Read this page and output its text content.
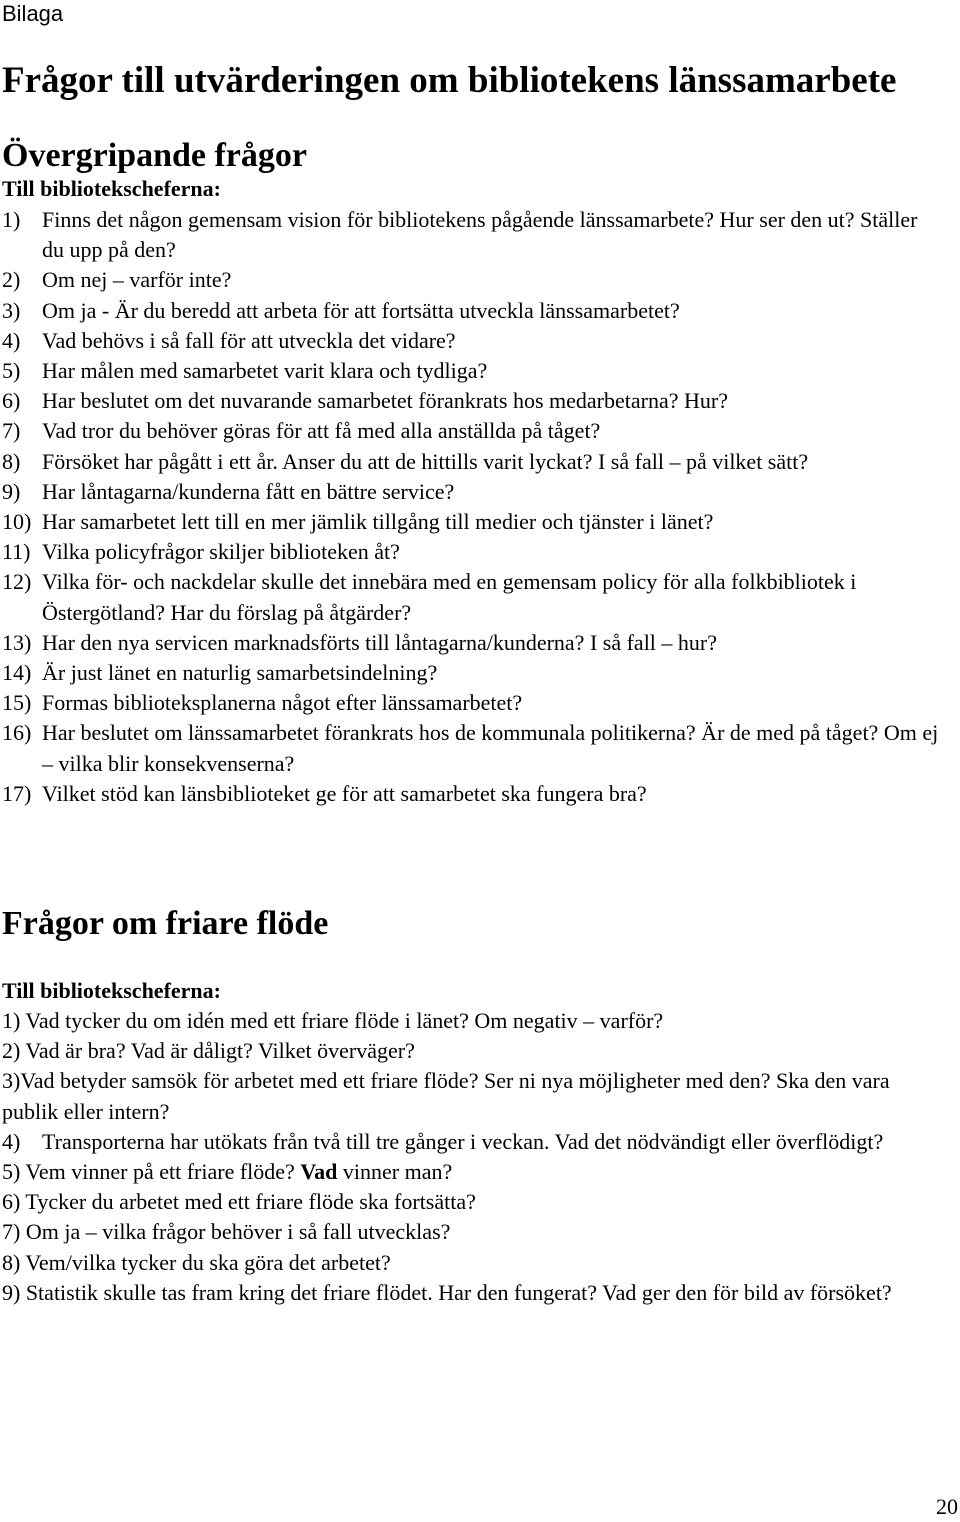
Bilaga
Frågor till utvärderingen om bibliotekens länssamarbete
Övergripande frågor
Till bibliotekscheferna:
1) Finns det någon gemensam vision för bibliotekens pågående länssamarbete? Hur ser den ut? Ställer du upp på den?
2) Om nej – varför inte?
3) Om ja - Är du beredd att arbeta för att fortsätta utveckla länssamarbetet?
4) Vad behövs i så fall för att utveckla det vidare?
5) Har målen med samarbetet varit klara och tydliga?
6) Har beslutet om det nuvarande samarbetet förankrats hos medarbetarna? Hur?
7) Vad tror du behöver göras för att få med alla anställda på tåget?
8) Försöket har pågått i ett år. Anser du att de hittills varit lyckat? I så fall – på vilket sätt?
9) Har låntagarna/kunderna fått en bättre service?
10) Har samarbetet lett till en mer jämlik tillgång till medier och tjänster i länet?
11) Vilka policyfrågor skiljer biblioteken åt?
12) Vilka för- och nackdelar skulle det innebära med en gemensam policy för alla folkbibliotek i Östergötland? Har du förslag på åtgärder?
13) Har den nya servicen marknadsförts till låntagarna/kunderna? I så fall – hur?
14) Är just länet en naturlig samarbetsindelning?
15) Formas biblioteksplanerna något efter länssamarbetet?
16) Har beslutet om länssamarbetet förankrats hos de kommunala politikerna? Är de med på tåget? Om ej – vilka blir konsekvenserna?
17) Vilket stöd kan länsbiblioteket ge för att samarbetet ska fungera bra?
Frågor om friare flöde
Till bibliotekscheferna:
1) Vad tycker du om idén med ett friare flöde i länet? Om negativ – varför?
2) Vad är bra? Vad är dåligt? Vilket överväger?
3)Vad betyder samsök för arbetet med ett friare flöde? Ser ni nya möjligheter med den? Ska den vara publik eller intern?
4) Transporterna har utökats från två till tre gånger i veckan. Vad det nödvändigt eller överflödigt?
5) Vem vinner på ett friare flöde? Vad vinner man?
6) Tycker du arbetet med ett friare flöde ska fortsätta?
7) Om ja – vilka frågor behöver i så fall utvecklas?
8) Vem/vilka tycker du ska göra det arbetet?
9) Statistik skulle tas fram kring det friare flödet. Har den fungerat? Vad ger den för bild av försöket?
20
